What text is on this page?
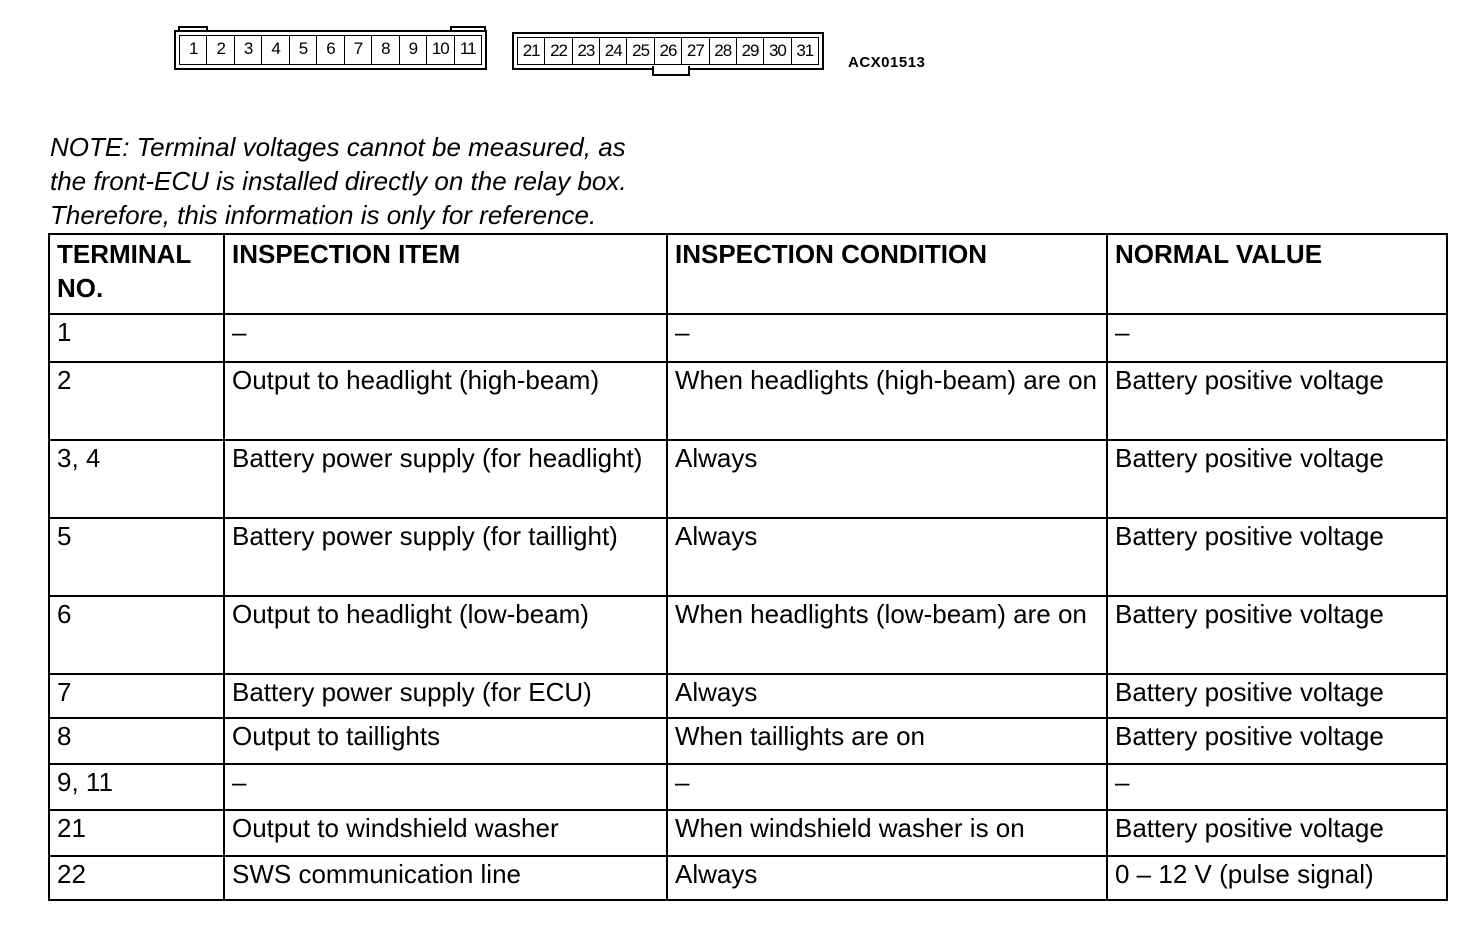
1	2	3	4	5	6	7	8	9 10 11	21 22 23 24 25 26 27 28 29 30 31
ACX01513
NOTE: Terminal voltages cannot be measured, as
the front-ECU is installed directly on the relay box.
Therefore, this information is only for reference.
TERMINAL NO.	INSPECTION ITEM	INSPECTION CONDITION	NORMAL VALUE
1	–	–	–
2	Output to headlight (high-beam)	When headlights (high-beam) are on	Battery positive voltage
3, 4	Battery power supply (for headlight)	Always	Battery positive voltage
5	Battery power supply (for taillight)	Always	Battery positive voltage
6	Output to headlight (low-beam)	When headlights (low-beam) are on	Battery positive voltage
7	Battery power supply (for ECU)	Always	Battery positive voltage
8	Output to taillights	When taillights are on	Battery positive voltage
9, 11	–	–	–
21	Output to windshield washer	When windshield washer is on	Battery positive voltage
22	SWS communication line	Always	0 – 12 V (pulse signal)
